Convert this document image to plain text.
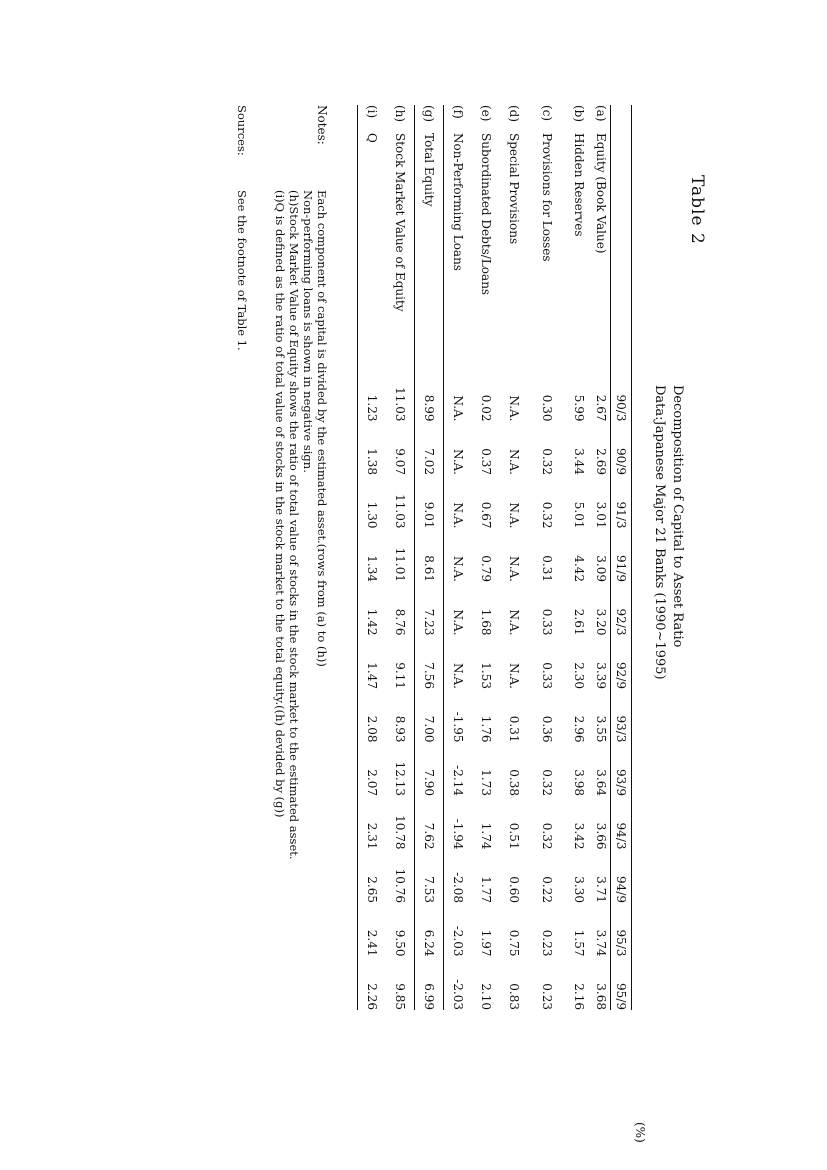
Table 2
Decomposition of Capital to Asset Ratio
Data:Japanese Major 21 Banks (1990~1995)
(%)
		90/3	90/9	91/3	91/9	92/3	92/9	93/3	93/9	94/3	94/9	95/3	95/9
(a)	Equity (Book Value)	2.67	2.69	3.01	3.09	3.20	3.39	3.55	3.64	3.66	3.71	3.74	3.68
(b)	Hidden Reserves	5.99	3.44	5.01	4.42	2.61	2.30	2.96	3.98	3.42	3.30	1.57	2.16
(c)	Provisions for Losses	0.30	0.32	0.32	0.31	0.33	0.33	0.36	0.32	0.32	0.22	0.23	0.23
(d)	Special Provisions	N.A.	N.A.	N.A.	N.A.	N.A.	N.A.	0.31	0.38	0.51	0.60	0.75	0.83
(e)	Subordinated Debts/Loans	0.02	0.37	0.67	0.79	1.68	1.53	1.76	1.73	1.74	1.77	1.97	2.10
(f)	Non-Performing Loans	N.A.	N.A.	N.A.	N.A.	N.A.	N.A.	-1.95	-2.14	-1.94	-2.08	-2.03	-2.03
(g)	Total Equity	8.99	7.02	9.01	8.61	7.23	7.56	7.00	7.90	7.62	7.53	6.24	6.99
(h)	Stock Market Value of Equity	11.03	9.07	11.03	11.01	8.76	9.11	8.93	12.13	10.78	10.76	9.50	9.85
(i)	Q	1.23	1.38	1.30	1.34	1.42	1.47	2.08	2.07	2.31	2.65	2.41	2.26
Notes:
Each component of capital is divided by the estimated asset.(rows from (a) to (h))
Non-performing loans is shown in negative sign.
(h)Stock Market Value of Equity shows the ratio of total value of stocks in the stock market to the estimated asset.
(i)Q is defined as the ratio of total value of stocks in the stock market to the total equity.((h) devided by (g))
Sources:
See the footnote of Table 1.
